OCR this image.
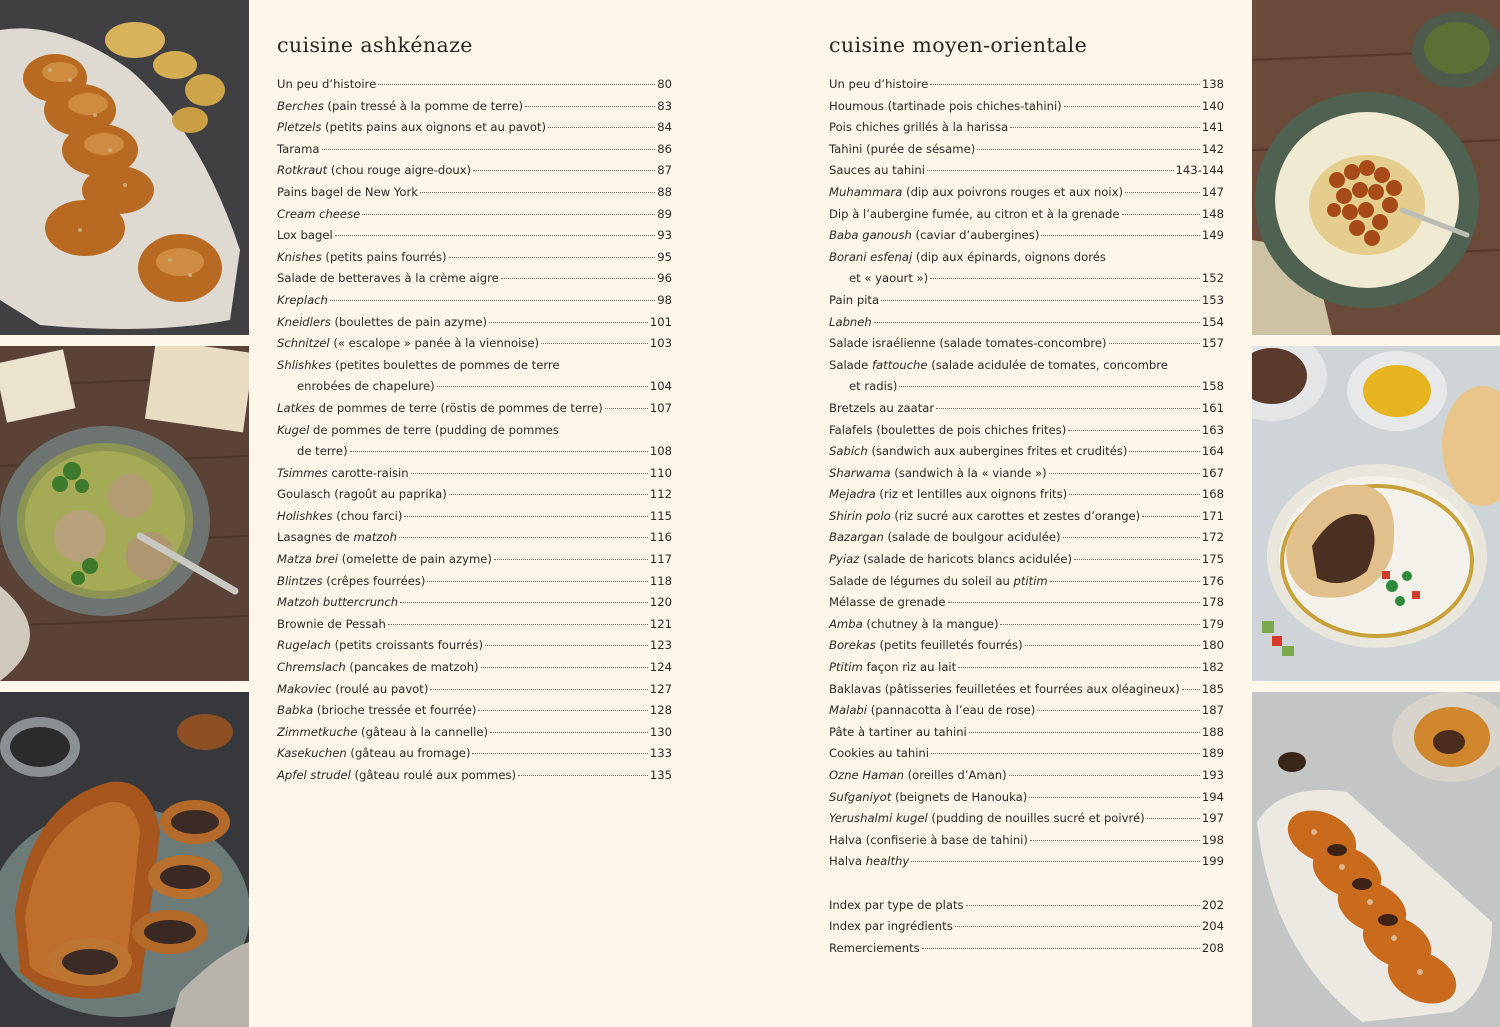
cuisine ashkénaze
Un peu d’histoire	80
Berches (pain tressé à la pomme de terre)	83
Pletzels (petits pains aux oignons et au pavot)	84
Tarama	86
Rotkraut (chou rouge aigre-doux)	87
Pains bagel de New York	88
Cream cheese	89
Lox bagel	93
Knishes (petits pains fourrés)	95
Salade de betteraves à la crème aigre	96
Kreplach	98
Kneidlers (boulettes de pain azyme)	101
Schnitzel (« escalope » panée à la viennoise)	103
Shlishkes (petites boulettes de pommes de terre
enrobées de chapelure)	104
Latkes de pommes de terre (röstis de pommes de terre)	107
Kugel de pommes de terre (pudding de pommes
de terre)	108
Tsimmes carotte-raisin	110
Goulasch (ragoût au paprika)	112
Holishkes (chou farci)	115
Lasagnes de matzoh	116
Matza brei (omelette de pain azyme)	117
Blintzes (crêpes fourrées)	118
Matzoh buttercrunch	120
Brownie de Pessah	121
Rugelach (petits croissants fourrés)	123
Chremslach (pancakes de matzoh)	124
Makoviec (roulé au pavot)	127
Babka (brioche tressée et fourrée)	128
Zimmetkuche (gâteau à la cannelle)	130
Kasekuchen (gâteau au fromage)	133
Apfel strudel (gâteau roulé aux pommes)	135
cuisine moyen-orientale
Un peu d’histoire	138
Houmous (tartinade pois chiches-tahini)	140
Pois chiches grillés à la harissa	141
Tahini (purée de sésame)	142
Sauces au tahini	143-144
Muhammara (dip aux poivrons rouges et aux noix)	147
Dip à l’aubergine fumée, au citron et à la grenade	148
Baba ganoush (caviar d’aubergines)	149
Borani esfenaj (dip aux épinards, oignons dorés
et « yaourt »)	152
Pain pita	153
Labneh	154
Salade israélienne (salade tomates-concombre)	157
Salade fattouche (salade acidulée de tomates, concombre
et radis)	158
Bretzels au zaatar	161
Falafels (boulettes de pois chiches frites)	163
Sabich (sandwich aux aubergines frites et crudités)	164
Sharwama (sandwich à la « viande »)	167
Mejadra (riz et lentilles aux oignons frits)	168
Shirin polo (riz sucré aux carottes et zestes d’orange)	171
Bazargan (salade de boulgour acidulée)	172
Pyiaz (salade de haricots blancs acidulée)	175
Salade de légumes du soleil au ptitim	176
Mélasse de grenade	178
Amba (chutney à la mangue)	179
Borekas (petits feuilletés fourrés)	180
Ptitim façon riz au lait	182
Baklavas (pâtisseries feuilletées et fourrées aux oléagineux) 185
Malabi (pannacotta à l’eau de rose)	187
Pâte à tartiner au tahini	188
Cookies au tahini	189
Ozne Haman (oreilles d’Aman)	193
Sufganiyot (beignets de Hanouka)	194
Yerushalmi kugel (pudding de nouilles sucré et poivré)	197
Halva (confiserie à base de tahini)	198
Halva healthy	199
Index par type de plats	202
Index par ingrédients	204
Remerciements	208
